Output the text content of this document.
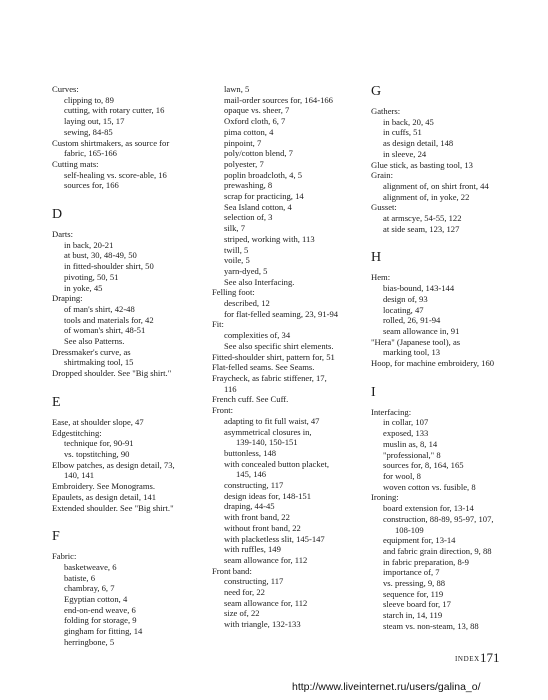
Curves:
clipping to, 89
cutting, with rotary cutter, 16
laying out, 15, 17
sewing, 84-85
Custom shirtmakers, as source for
fabric, 165-166
Cutting mats:
self-healing vs. score-able, 16
sources for, 166
D
Darts:
in back, 20-21
at bust, 30, 48-49, 50
in fitted-shoulder shirt, 50
pivoting, 50, 51
in yoke, 45
Draping:
of man's shirt, 42-48
tools and materials for, 42
of woman's shirt, 48-51
See also Patterns.
Dressmaker's curve, as
shirtmaking tool, 15
Dropped shoulder. See "Big shirt."
E
Ease, at shoulder slope, 47
Edgestitching:
technique for, 90-91
vs. topstitching, 90
Elbow patches, as design detail, 73,
140, 141
Embroidery. See Monograms.
Epaulets, as design detail, 141
Extended shoulder. See "Big shirt."
F
Fabric:
basketweave, 6
batiste, 6
chambray, 6, 7
Egyptian cotton, 4
end-on-end weave, 6
folding for storage, 9
gingham for fitting, 14
herringbone, 5
lawn, 5
mail-order sources for, 164-166
opaque vs. sheer, 7
Oxford cloth, 6, 7
pima cotton, 4
pinpoint, 7
poly/cotton blend, 7
polyester, 7
poplin broadcloth, 4, 5
prewashing, 8
scrap for practicing, 14
Sea Island cotton, 4
selection of, 3
silk, 7
striped, working with, 113
twill, 5
voile, 5
yarn-dyed, 5
See also Interfacing.
Felling foot:
described, 12
for flat-felled seaming, 23, 91-94
Fit:
complexities of, 34
See also specific shirt elements.
Fitted-shoulder shirt, pattern for, 51
Flat-felled seams. See Seams.
Fraycheck, as fabric stiffener, 17,
116
French cuff. See Cuff.
Front:
adapting to fit full waist, 47
asymmetrical closures in,
139-140, 150-151
buttonless, 148
with concealed button placket,
145, 146
constructing, 117
design ideas for, 148-151
draping, 44-45
with front band, 22
without front band, 22
with placketless slit, 145-147
with ruffles, 149
seam allowance for, 112
Front band:
constructing, 117
need for, 22
seam allowance for, 112
size of, 22
with triangle, 132-133
G
Gathers:
in back, 20, 45
in cuffs, 51
as design detail, 148
in sleeve, 24
Glue stick, as basting tool, 13
Grain:
alignment of, on shirt front, 44
alignment of, in yoke, 22
Gusset:
at armscye, 54-55, 122
at side seam, 123, 127
H
Hem:
bias-bound, 143-144
design of, 93
locating, 47
rolled, 26, 91-94
seam allowance in, 91
"Hera" (Japanese tool), as
marking tool, 13
Hoop, for machine embroidery, 160
I
Interfacing:
in collar, 107
exposed, 133
muslin as, 8, 14
"professional," 8
sources for, 8, 164, 165
for wool, 8
woven cotton vs. fusible, 8
Ironing:
board extension for, 13-14
construction, 88-89, 95-97, 107,
108-109
equipment for, 13-14
and fabric grain direction, 9, 88
in fabric preparation, 8-9
importance of, 7
vs. pressing, 9, 88
sequence for, 119
sleeve board for, 17
starch in, 14, 119
steam vs. non-steam, 13, 88
INDEX 171
http://www.liveinternet.ru/users/galina_o/
